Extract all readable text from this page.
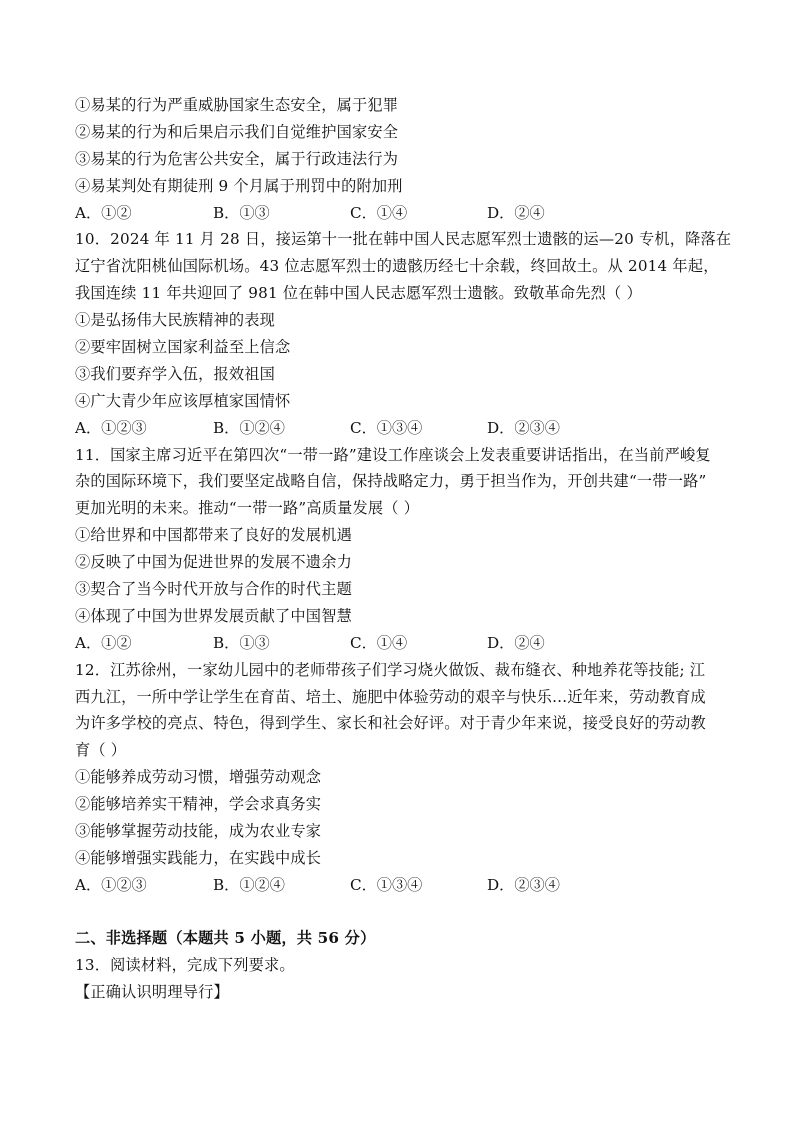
①易某的行为严重威胁国家生态安全，属于犯罪
②易某的行为和后果启示我们自觉维护国家安全
③易某的行为危害公共安全，属于行政违法行为
④易某判处有期徒刑 9 个月属于刑罚中的附加刑
A．①②	B．①③	C．①④	D．②④
10．2024 年 11 月 28 日，接运第十一批在韩中国人民志愿军烈士遗骸的运—20 专机，降落在
辽宁省沈阳桃仙国际机场。43 位志愿军烈士的遗骸历经七十余载，终回故土。从 2014 年起，
我国连续 11 年共迎回了 981 位在韩中国人民志愿军烈士遗骸。致敬革命先烈（ ）
①是弘扬伟大民族精神的表现
②要牢固树立国家利益至上信念
③我们要弃学入伍，报效祖国
④广大青少年应该厚植家国情怀
A．①②③	B．①②④	C．①③④	D．②③④
11．国家主席习近平在第四次“一带一路”建设工作座谈会上发表重要讲话指出，在当前严峻复
杂的国际环境下，我们要坚定战略自信，保持战略定力，勇于担当作为，开创共建“一带一路”
更加光明的未来。推动“一带一路”高质量发展（ ）
①给世界和中国都带来了良好的发展机遇
②反映了中国为促进世界的发展不遗余力
③契合了当今时代开放与合作的时代主题
④体现了中国为世界发展贡献了中国智慧
A．①②	B．①③	C．①④	D．②④
12．江苏徐州，一家幼儿园中的老师带孩子们学习烧火做饭、裁布缝衣、种地养花等技能; 江
西九江，一所中学让学生在育苗、培土、施肥中体验劳动的艰辛与快乐…近年来，劳动教育成
为许多学校的亮点、特色，得到学生、家长和社会好评。对于青少年来说，接受良好的劳动教
育（ ）
①能够养成劳动习惯，增强劳动观念
②能够培养实干精神，学会求真务实
③能够掌握劳动技能，成为农业专家
④能够增强实践能力，在实践中成长
A．①②③	B．①②④	C．①③④	D．②③④
二、非选择题（本题共 5 小题，共 56 分）
13．阅读材料，完成下列要求。
【正确认识明理导行】
